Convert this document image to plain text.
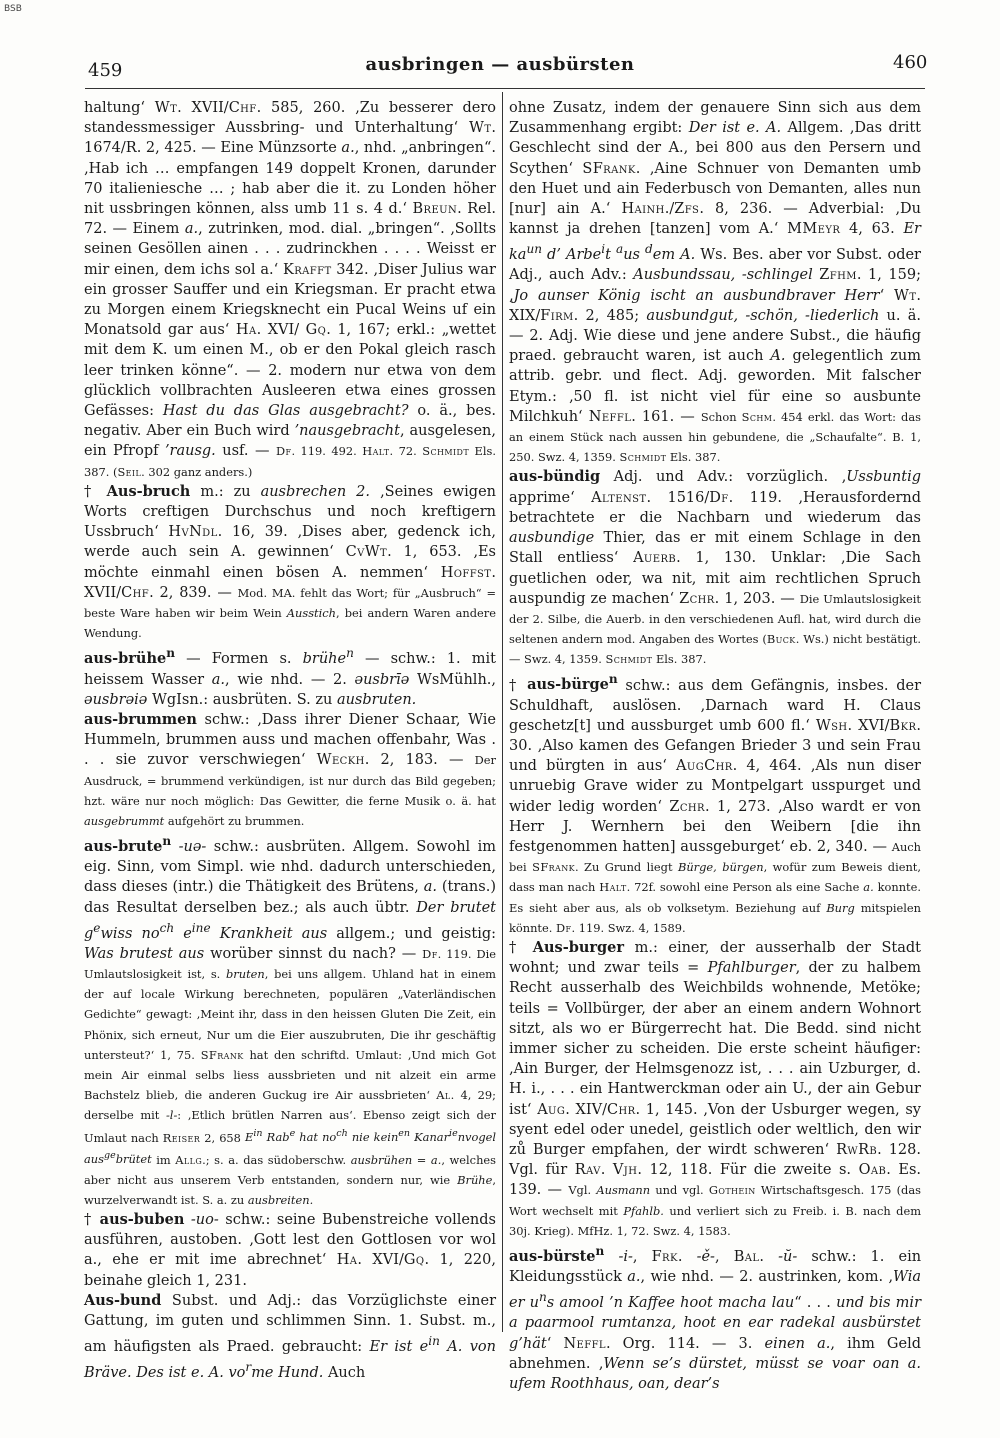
BSB
459	ausbringen — ausbürsten	460

haltung‘ Wt. XVII/Chf. 585, 260. ‚Zu besserer dero standessmessiger Aussbring- und Unterhaltung‘ Wt. 1674/R. 2, 425. — Eine Münzsorte a., nhd. „anbringen“. ‚Hab ich … empfangen 149 doppelt Kronen, darunder 70 italieniesche … ; hab aber die it. zu Londen höher nit ussbringen können, alss umb 11 s. 4 d.‘ Breun. Rel. 72. — Einem a., zutrinken, mod. dial. „bringen“. ‚Sollts seinen Gesöllen ainen . . . zudrinckhen . . . . Weisst er mir einen, dem ichs sol a.‘ Krafft 342. ‚Diser Julius war ein grosser Sauffer und ein Kriegsman. Er pracht etwa zu Morgen einem Kriegsknecht ein Pucal Weins uf ein Monatsold gar aus‘ Ha. XVI/ Gq. 1, 167; erkl.: „wettet mit dem K. um einen M., ob er den Pokal gleich rasch leer trinken könne“. — 2. modern nur etwa von dem glücklich vollbrachten Ausleeren etwa eines grossen Gefässes: Hast du das Glas ausgebracht? o. ä., bes. negativ. Aber ein Buch wird ’nausgebracht, ausgelesen, ein Pfropf ’rausg. usf. — Df. 119. 492. Halt. 72. Schmidt Els. 387. (Seil. 302 ganz anders.)

† Aus-bruch m.: zu ausbrechen 2. ‚Seines ewigen Worts creftigen Durchschus und noch kreftigern Ussbruch‘ HvNdl. 16, 39. ‚Dises aber, gedenck ich, werde auch sein A. gewinnen‘ CvWt. 1, 653. ‚Es möchte einmahl einen bösen A. nemmen‘ Hoffst. XVII/Chf. 2, 839. — Mod. MA. fehlt das Wort; für „Ausbruch“ = beste Ware haben wir beim Wein Ausstich, bei andern Waren andere Wendung.

aus-brühe$^n$ — Formen s. brühe$^n$ — schw.: 1. mit heissem Wasser a., wie nhd. — 2. əusbrīə WsMühlh., əusbrəiə WgIsn.: ausbrüten. S. zu ausbruten.

aus-brummen schw.: ‚Dass ihrer Diener Schaar, Wie Hummeln, brummen auss und machen offenbahr, Was . . . sie zuvor verschwiegen‘ Weckh. 2, 183. — Der Ausdruck, = brummend verkündigen, ist nur durch das Bild gegeben; hzt. wäre nur noch möglich: Das Gewitter, die ferne Musik o. ä. hat ausgebrummt aufgehört zu brummen.

aus-brute$^n$ -uə- schw.: ausbrüten. Allgem. Sowohl im eig. Sinn, vom Simpl. wie nhd. dadurch unterschieden, dass dieses (intr.) die Thätigkeit des Brütens, a. (trans.) das Resultat derselben bez.; als auch übtr. Der brutet $g^ewiss$ $no^{ch}$ $e^{ine}$ Krankheit aus allgem.; und geistig: Was brutest aus worüber sinnst du nach? — Df. 119. Die Umlautslosigkeit ist, s. bruten, bei uns allgem. Uhland hat in einem der auf locale Wirkung berechneten, populären „Vaterländischen Gedichte“ gewagt: ‚Meint ihr, dass in den heissen Gluten Die Zeit, ein Phönix, sich erneut, Nur um die Eier auszubruten, Die ihr geschäftig untersteut?‘ 1, 75. SFrank hat den schriftd. Umlaut: ‚Und mich Got mein Air einmal selbs liess aussbrieten und nit alzeit ein arme Bachstelz blieb, die anderen Guckug ire Air aussbrieten‘ Al. 4, 29; derselbe mit -l-: ‚Etlich brütlen Narren aus‘. Ebenso zeigt sich der Umlaut nach Reiser 2, 658 $E^{in}$ Rab$^e$ hat $no^{ch}$ nie kein$^{en}$ Kanar$^{ie}$nvogel aus$^{ge}$brütet im Allg.; s. a. das südoberschw. ausbrühen = a., welches aber nicht aus unserem Verb entstanden, sondern nur, wie Brühe, wurzelverwandt ist. S. a. zu ausbreiten.

† aus-buben -uo- schw.: seine Bubenstreiche vollends ausführen, austoben. ‚Gott lest den Gottlosen vor wol a., ehe er mit ime abrechnet‘ Ha. XVI/Gq. 1, 220, beinahe gleich 1, 231.

Aus-bund Subst. und Adj.: das Vorzüglichste einer Gattung, im guten und schlimmen Sinn. 1. Subst. m., am häufigsten als Praed. gebraucht: Er ist $e^{in}$ A. von Bräve. Des ist e. A. $vo^rme$ Hund. Auch

ohne Zusatz, indem der genauere Sinn sich aus dem Zusammenhang ergibt: Der ist e. A. Allgem. ‚Das dritt Geschlecht sind der A., bei 800 aus den Persern und Scythen‘ SFrank. ‚Aine Schnuer von Demanten umb den Huet und ain Federbusch von Demanten, alles nun [nur] ain A.‘ Hainh./Zfs. 8, 236. — Adverbial: ‚Du kannst ja drehen [tanzen] vom A.‘ MMeyr 4, 63. Er $ka^{un}$ d’ Arbe$^i$t $^a$us $^d$em A. Ws. Bes. aber vor Subst. oder Adj., auch Adv.: Ausbundssau, -schlingel Zfhm. 1, 159; ‚Jo aunser König ischt an ausbundbraver Herr‘ Wt. XIX/Firm. 2, 485; ausbundgut, -schön, -liederlich u. ä. — 2. Adj. Wie diese und jene andere Subst., die häufig praed. gebraucht waren, ist auch A. gelegentlich zum attrib. gebr. und flect. Adj. geworden. Mit falscher Etym.: ‚50 fl. ist nicht viel für eine so ausbunte Milchkuh‘ Neffl. 161. — Schon Schm. 454 erkl. das Wort: das an einem Stück nach aussen hin gebundene, die „Schaufalte“. B. 1, 250. Swz. 4, 1359. Schmidt Els. 387.

aus-bündig Adj. und Adv.: vorzüglich. ‚Ussbuntig apprime‘ Altenst. 1516/Df. 119. ‚Herausfordernd betrachtete er die Nachbarn und wiederum das ausbundige Thier, das er mit einem Schlage in den Stall entliess‘ Auerb. 1, 130. Unklar: ‚Die Sach guetlichen oder, wa nit, mit aim rechtlichen Spruch auspundig ze machen‘ Zchr. 1, 203. — Die Umlautslosigkeit der 2. Silbe, die Auerb. in den verschiedenen Aufl. hat, wird durch die seltenen andern mod. Angaben des Wortes (Buck. Ws.) nicht bestätigt. — Swz. 4, 1359. Schmidt Els. 387.

† aus-bürge$^n$ schw.: aus dem Gefängnis, insbes. der Schuldhaft, auslösen. ‚Darnach ward H. Claus geschetz[t] und aussburget umb 600 fl.‘ Wsh. XVI/Bkr. 30. ‚Also kamen des Gefangen Brieder 3 und sein Frau und bürgten in aus‘ AugChr. 4, 464. ‚Als nun diser unruebig Grave wider zu Montpelgart usspurget und wider ledig worden‘ Zchr. 1, 273. ‚Also wardt er von Herr J. Wernhern bei den Weibern [die ihn festgenommen hatten] aussgeburget‘ eb. 2, 340. — Auch bei SFrank. Zu Grund liegt Bürge, bürgen, wofür zum Beweis dient, dass man nach Halt. 72f. sowohl eine Person als eine Sache a. konnte. Es sieht aber aus, als ob volksetym. Beziehung auf Burg mitspielen könnte. Df. 119. Swz. 4, 1589.

† Aus-burger m.: einer, der ausserhalb der Stadt wohnt; und zwar teils = Pfahlburger, der zu halbem Recht ausserhalb des Weichbilds wohnende, Metöke; teils = Vollbürger, der aber an einem andern Wohnort sitzt, als wo er Bürgerrecht hat. Die Bedd. sind nicht immer sicher zu scheiden. Die erste scheint häufiger: ‚Ain Burger, der Helmsgenozz ist, . . . ain Uzburger, d. H. i., . . . ein Hantwerckman oder ain U., der ain Gebur ist‘ Aug. XIV/Chr. 1, 145. ‚Von der Usburger wegen, sy syent edel oder unedel, geistlich oder weltlich, den wir zů Burger empfahen, der wirdt schweren‘ RwRb. 128. Vgl. für Rav. Vjh. 12, 118. Für die zweite s. Oab. Es. 139. — Vgl. Ausmann und vgl. Gothein Wirtschaftsgesch. 175 (das Wort wechselt mit Pfahlb. und verliert sich zu Freib. i. B. nach dem 30j. Krieg). MfHz. 1, 72. Swz. 4, 1583.

aus-bürste$^n$ -i-, Frk. -ě-, Bal. -ŭ- schw.: 1. ein Kleidungsstück a., wie nhd. — 2. austrinken, kom. ‚Wia er $u^ns$ amool ’n Kaffee hoot macha lau“ . . . und bis mir a paarmool rumtanza, hoot en ear radekal ausbürstet g’hät‘ Neffl. Org. 114. — 3. einen a., ihm Geld abnehmen. ‚Wenn se’s dürstet, müsst se voar oan a. ufem Roothhaus, oan, dear’s
